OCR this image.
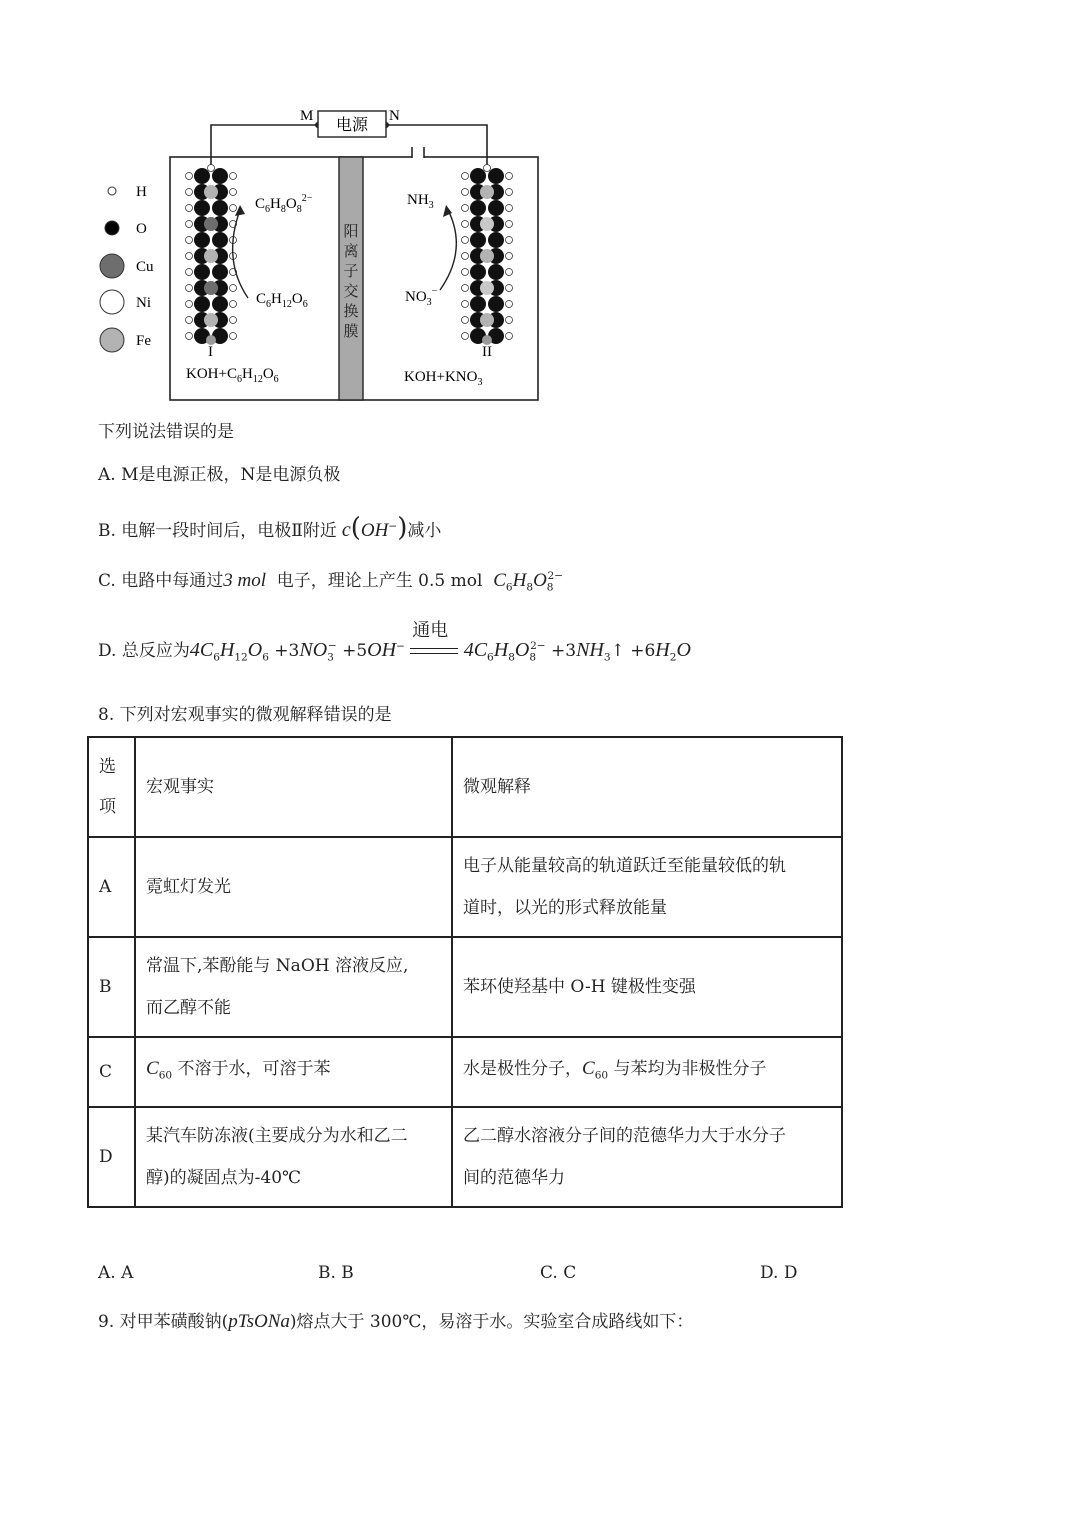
电源
M	N
阳
离
子
交
换
膜
$C_6H_8O_8^{2-}$
$C_6H_{12}O_6$
$NH_3$
$NO_3^-$
I	II
$KOH+C_6H_{12}O_6$	$KOH+KNO_3$
H
O
Cu
Ni
Fe
下列说法错误的是
A. M是电源正极，N是电源负极
B. 电解一段时间后，电极Ⅱ附近 c(OH−)减小
C. 电路中每通过3 mol 电子，理论上产生 0.5 mol $C_6H_8O_8^{2-}$
D. 总反应为$4C_6H_{12}O_6 +3NO_3^- +5OH^-$
通电
$4C_6H_8O_8^{2-}$ $+3NH_3↑ +6H_2O$
8. 下列对宏观事实的微观解释错误的是
选
项	宏观事实	微观解释
A	霓虹灯发光	电子从能量较高的轨道跃迁至能量较低的轨
道时，以光的形式释放能量

B	常温下,苯酚能与 NaOH 溶液反应,
而乙醇不能	苯环使羟基中 O-H 键极性变强
C	$C_{60}$ 不溶于水，可溶于苯	水是极性分子，$C_{60}$ 与苯均为非极性分子
D	某汽车防冻液(主要成分为水和乙二
醇)的凝固点为-40℃	乙二醇水溶液分子间的范德华力大于水分子
间的范德华力
A. A	B. B	C. C	D. D
9. 对甲苯磺酸钠(pTsONa)熔点大于 300℃，易溶于水。实验室合成路线如下：
